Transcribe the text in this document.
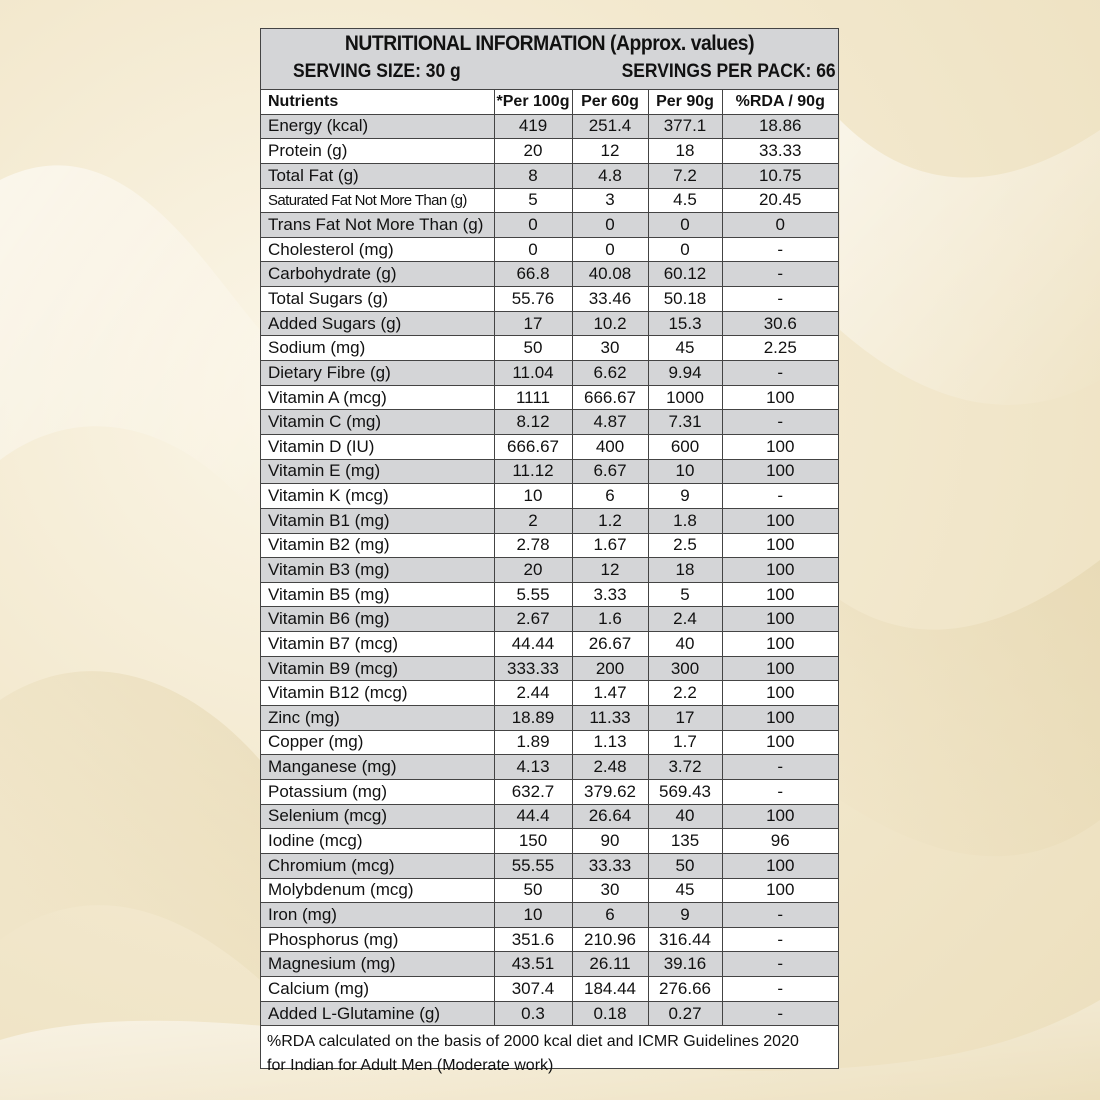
NUTRITIONAL INFORMATION (Approx. values)
SERVING SIZE: 30 g	SERVINGS PER PACK: 66
Nutrients	*Per 100g	Per 60g	Per 90g	%RDA / 90g
Energy (kcal)	419	251.4	377.1	18.86
Protein (g)	20	12	18	33.33
Total Fat (g)	8	4.8	7.2	10.75
Saturated Fat Not More Than (g)	5	3	4.5	20.45
Trans Fat Not More Than (g)	0	0	0	0
Cholesterol (mg)	0	0	0	-
Carbohydrate (g)	66.8	40.08	60.12	-
Total Sugars (g)	55.76	33.46	50.18	-
Added Sugars (g)	17	10.2	15.3	30.6
Sodium (mg)	50	30	45	2.25
Dietary Fibre (g)	11.04	6.62	9.94	-
Vitamin A (mcg)	1111	666.67	1000	100
Vitamin C (mg)	8.12	4.87	7.31	-
Vitamin D (IU)	666.67	400	600	100
Vitamin E (mg)	11.12	6.67	10	100
Vitamin K (mcg)	10	6	9	-
Vitamin B1 (mg)	2	1.2	1.8	100
Vitamin B2 (mg)	2.78	1.67	2.5	100
Vitamin B3 (mg)	20	12	18	100
Vitamin B5 (mg)	5.55	3.33	5	100
Vitamin B6 (mg)	2.67	1.6	2.4	100
Vitamin B7 (mcg)	44.44	26.67	40	100
Vitamin B9 (mcg)	333.33	200	300	100
Vitamin B12 (mcg)	2.44	1.47	2.2	100
Zinc (mg)	18.89	11.33	17	100
Copper (mg)	1.89	1.13	1.7	100
Manganese (mg)	4.13	2.48	3.72	-
Potassium (mg)	632.7	379.62	569.43	-
Selenium (mcg)	44.4	26.64	40	100
Iodine (mcg)	150	90	135	96
Chromium (mcg)	55.55	33.33	50	100
Molybdenum (mcg)	50	30	45	100
Iron (mg)	10	6	9	-
Phosphorus (mg)	351.6	210.96	316.44	-
Magnesium (mg)	43.51	26.11	39.16	-
Calcium (mg)	307.4	184.44	276.66	-
Added L-Glutamine (g)	0.3	0.18	0.27	-
%RDA calculated on the basis of 2000 kcal diet and ICMR Guidelines 2020
for Indian for Adult Men (Moderate work)
